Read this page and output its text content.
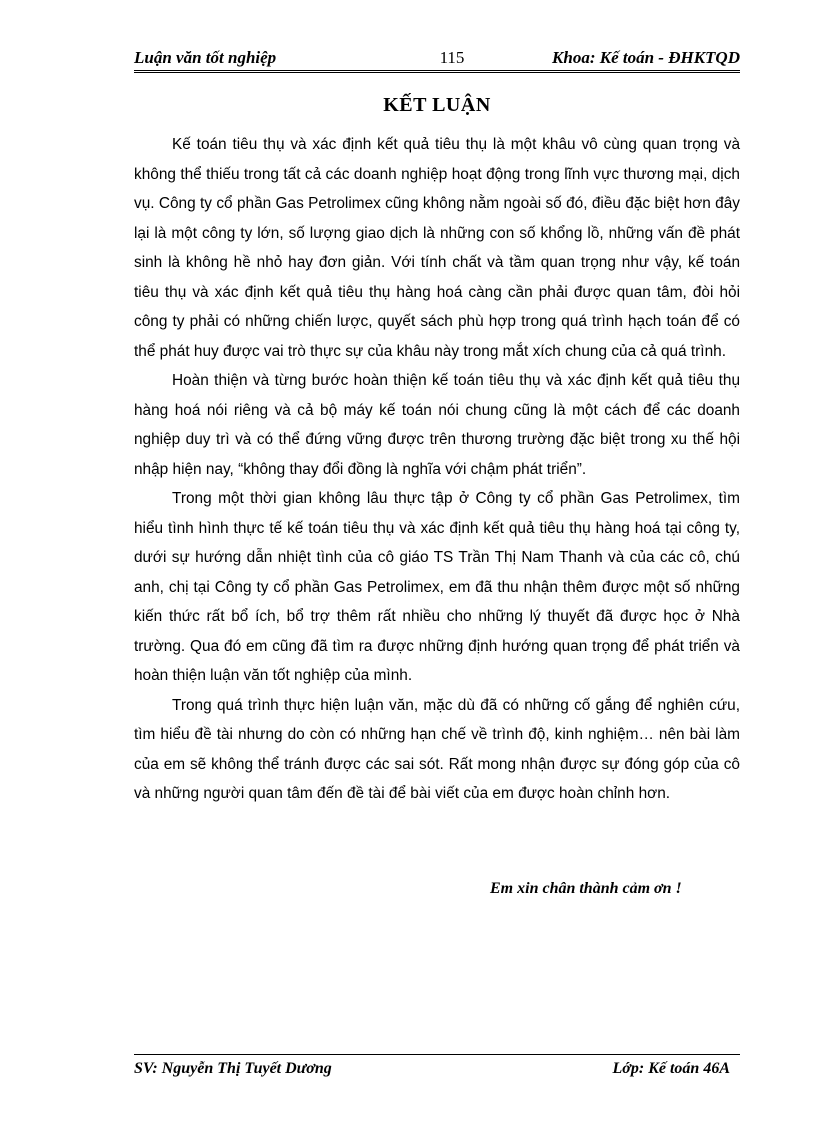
Luận văn tốt nghiệp	115	Khoa: Kế toán - ĐHKTQD
KẾT LUẬN

Kế toán tiêu thụ và xác định kết quả tiêu thụ là một khâu vô cùng quan trọng và không thể thiếu trong tất cả các doanh nghiệp hoạt động trong lĩnh vực thương mại, dịch vụ. Công ty cổ phần Gas Petrolimex cũng không nằm ngoài số đó, điều đặc biệt hơn đây lại là một công ty lớn, số lượng giao dịch là những con số khổng lồ, những vấn đề phát sinh là không hề nhỏ hay đơn giản. Với tính chất và tầm quan trọng như vậy, kế toán tiêu thụ và xác định kết quả tiêu thụ hàng hoá càng cần phải được quan tâm, đòi hỏi công ty phải có những chiến lược, quyết sách phù hợp trong quá trình hạch toán để có thể phát huy được vai trò thực sự của khâu này trong mắt xích chung của cả quá trình.

Hoàn thiện và từng bước hoàn thiện kế toán tiêu thụ và xác định kết quả tiêu thụ hàng hoá nói riêng và cả bộ máy kế toán nói chung cũng là một cách để các doanh nghiệp duy trì và có thể đứng vững được trên thương trường đặc biệt trong xu thế hội nhập hiện nay, “không thay đổi đồng là nghĩa với chậm phát triển”.

Trong một thời gian không lâu thực tập ở Công ty cổ phần Gas Petrolimex, tìm hiểu tình hình thực tế kế toán tiêu thụ và xác định kết quả tiêu thụ hàng hoá tại công ty, dưới sự hướng dẫn nhiệt tình của cô giáo TS Trần Thị Nam Thanh và của các cô, chú anh, chị tại Công ty cổ phần Gas Petrolimex, em đã thu nhận thêm được một số những kiến thức rất bổ ích, bổ trợ thêm rất nhiều cho những lý thuyết đã được học ở Nhà trường. Qua đó em cũng đã tìm ra được những định hướng quan trọng để phát triển và hoàn thiện luận văn tốt nghiệp của mình.

Trong quá trình thực hiện luận văn, mặc dù đã có những cố gắng để nghiên cứu, tìm hiểu đề tài nhưng do còn có những hạn chế về trình độ, kinh nghiệm… nên bài làm của em sẽ không thể tránh được các sai sót. Rất mong nhận được sự đóng góp của cô và những người quan tâm đến đề tài để bài viết của em được hoàn chỉnh hơn.

Em xin chân thành cảm ơn !
SV: Nguyễn Thị Tuyết Dương	Lớp: Kế toán 46A
